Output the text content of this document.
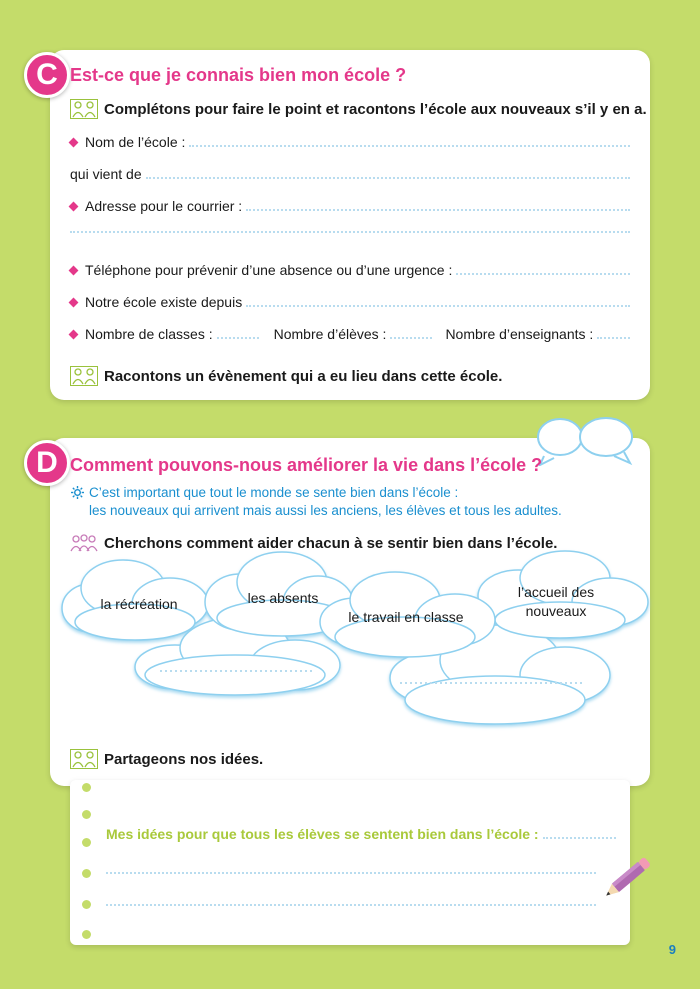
C Est-ce que je connais bien mon école ?
Complétons pour faire le point et racontons l’école aux nouveaux s’il y en a.
Nom de l’école :
qui vient de
Adresse pour le courrier :
Téléphone pour prévenir d’une absence ou d’une urgence :
Notre école existe depuis
Nombre de classes :	Nombre d’élèves :	Nombre d’enseignants :
Racontons un évènement qui a eu lieu dans cette école.
D Comment pouvons-nous améliorer la vie dans l’école ?
C’est important que tout le monde se sente bien dans l’école :
les nouveaux qui arrivent mais aussi les anciens, les élèves et tous les adultes.
Cherchons comment aider chacun à se sentir bien dans l’école.
la récréation	les absents
le travail en classe
l’accueil des
nouveaux
Partageons nos idées.
Mes idées pour que tous les élèves se sentent bien dans l’école :
9
